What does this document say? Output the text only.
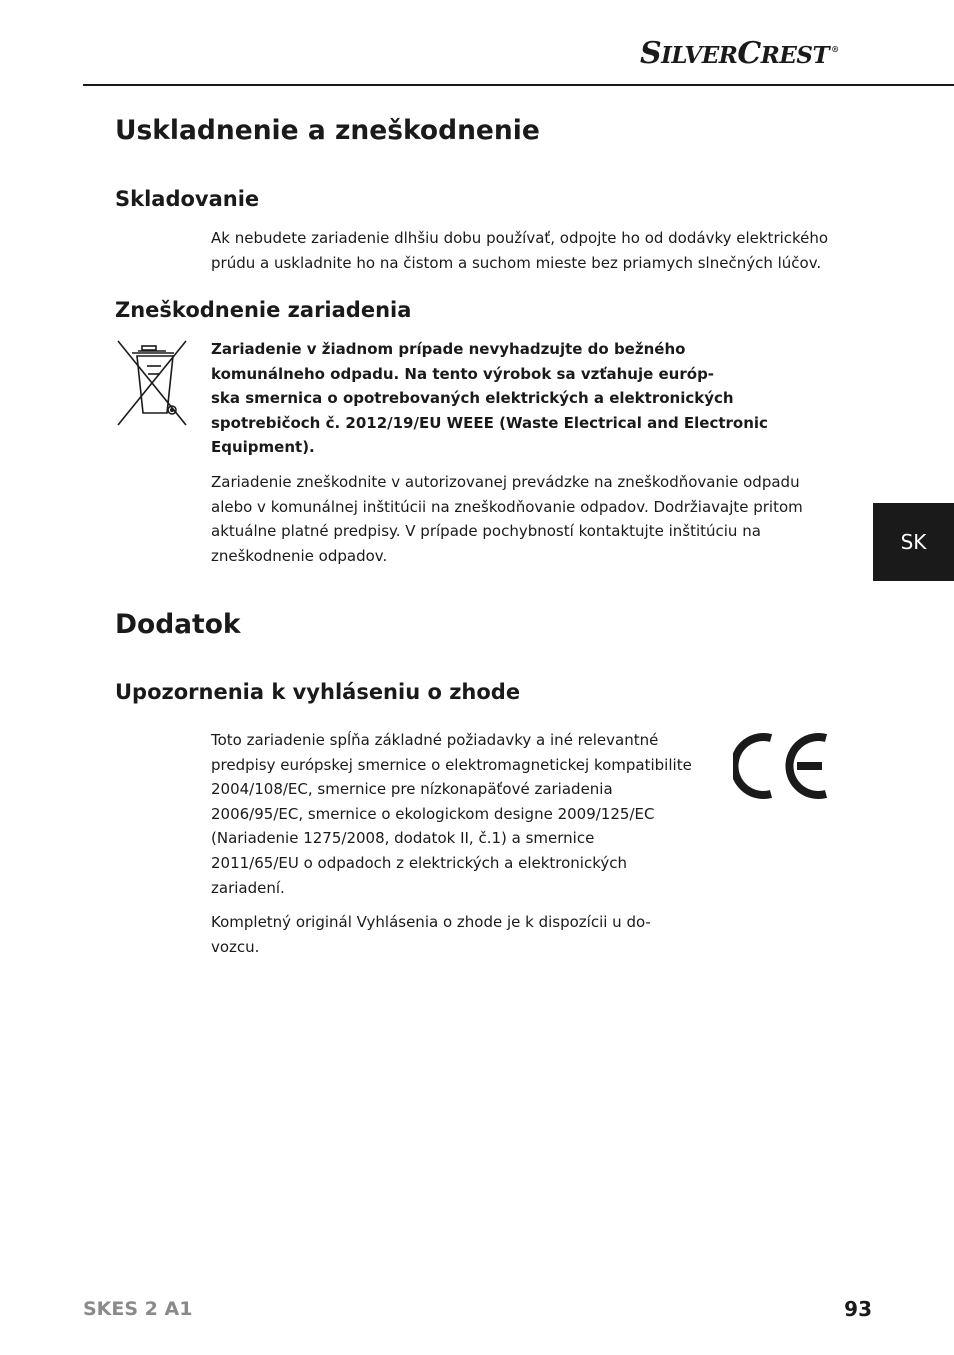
SILVERCREST ®
Uskladnenie a zneškodnenie
Skladovanie

Ak nebudete zariadenie dlhšiu dobu používať, odpojte ho od dodávky elektrického
prúdu a uskladnite ho na čistom a suchom mieste bez priamych slnečných lúčov.

Zneškodnenie zariadenia

Zariadenie v žiadnom prípade nevyhadzujte do bežného
komunálneho odpadu. Na tento výrobok sa vzťahuje európ-
ska smernica o opotrebovaných elektrických a elektronických
spotrebičoch č. 2012/19/EU WEEE (Waste Electrical and Electronic
Equipment).

Zariadenie zneškodnite v autorizovanej prevádzke na zneškodňovanie odpadu
alebo v komunálnej inštitúcii na zneškodňovanie odpadov. Dodržiavajte pritom
aktuálne platné predpisy. V prípade pochybností kontaktujte inštitúciu na
zneškodnenie odpadov.

SK
Dodatok
Upozornenia k vyhláseniu o zhode

Toto zariadenie spĺňa základné požiadavky a iné relevantné
predpisy európskej smernice o elektromagnetickej kompatibilite
2004/108/EC, smernice pre nízkonapäťové zariadenia
2006/95/EC, smernice o ekologickom designe 2009/125/EC
(Nariadenie 1275/2008, dodatok II, č.1) a smernice
2011/65/EU o odpadoch z elektrických a elektronických
zariadení.

Kompletný originál Vyhlásenia o zhode je k dispozícii u do-
vozcu.

SKES 2 A1	93
